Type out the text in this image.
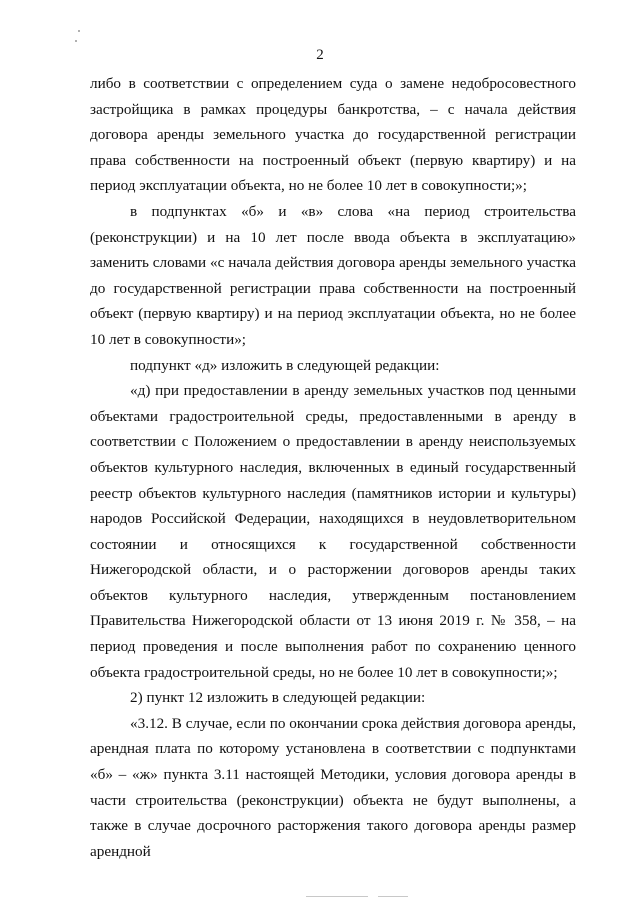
2

либо в соответствии с определением суда о замене недобросовестного застройщика в рамках процедуры банкротства, – с начала действия договора аренды земельного участка до государственной регистрации права собственности на построенный объект (первую квартиру) и на период эксплуатации объекта, но не более 10 лет в совокупности;»;

в подпунктах «б» и «в» слова «на период строительства (реконструкции) и на 10 лет после ввода объекта в эксплуатацию» заменить словами «с начала действия договора аренды земельного участка до государственной регистрации права собственности на построенный объект (первую квартиру) и на период эксплуатации объекта, но не более 10 лет в совокупности»;

подпункт «д» изложить в следующей редакции:

«д) при предоставлении в аренду земельных участков под ценными объектами градостроительной среды, предоставленными в аренду в соответствии с Положением о предоставлении в аренду неиспользуемых объектов культурного наследия, включенных в единый государственный реестр объектов культурного наследия (памятников истории и культуры) народов Российской Федерации, находящихся в неудовлетворительном состоянии и относящихся к государственной собственности Нижегородской области, и о расторжении договоров аренды таких объектов культурного наследия, утвержденным постановлением Правительства Нижегородской области от 13 июня 2019 г. № 358, – на период проведения и после выполнения работ по сохранению ценного объекта градостроительной среды, но не более 10 лет в совокупности;»;

2) пункт 12 изложить в следующей редакции:

«3.12. В случае, если по окончании срока действия договора аренды, арендная плата по которому установлена в соответствии с подпунктами «б» – «ж» пункта 3.11 настоящей Методики, условия договора аренды в части строительства (реконструкции) объекта не будут выполнены, а также в случае досрочного расторжения такого договора аренды размер арендной
